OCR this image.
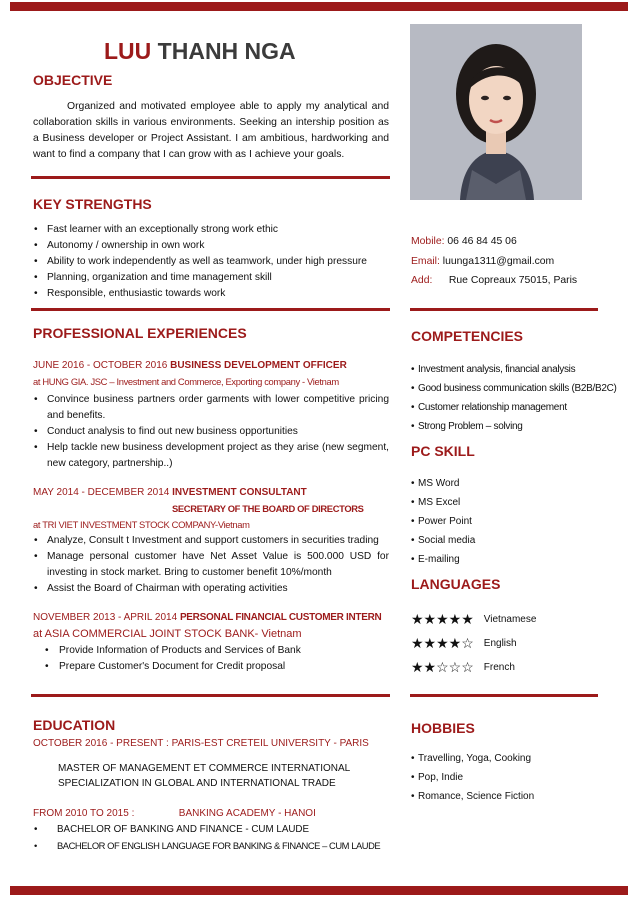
LUU THANH NGA
OBJECTIVE
Organized and motivated employee able to apply my analytical and collaboration skills in various environments. Seeking an intership position as a Business developer or Project Assistant. I am ambitious, hardworking and want to find a company that I can grow with as I achieve your goals.
KEY STRENGTHS
• Fast learner with an exceptionally strong work ethic
• Autonomy / ownership in own work
• Ability to work independently as well as teamwork, under high pressure
• Planning, organization and time management skill
• Responsible, enthusiastic towards work
Mobile: 06 46 84 45 06
Email: luunga1311@gmail.com
Add: Rue Copreaux 75015, Paris
PROFESSIONAL EXPERIENCES
JUNE 2016 - OCTOBER 2016 BUSINESS DEVELOPMENT OFFICER
at HUNG GIA. JSC – Investment and Commerce, Exporting company - Vietnam
• Convince business partners order garments with lower competitive pricing and benefits.
• Conduct analysis to find out new business opportunities
• Help tackle new business development project as they arise (new segment, new category, partnership..)
MAY 2014 - DECEMBER 2014 INVESTMENT CONSULTANT
SECRETARY OF THE BOARD OF DIRECTORS
at TRI VIET INVESTMENT STOCK COMPANY-Vietnam
• Analyze, Consult t Investment and support customers in securities trading
• Manage personal customer have Net Asset Value is 500.000 USD for investing in stock market. Bring to customer benefit 10%/month
• Assist the Board of Chairman with operating activities
NOVEMBER 2013 - APRIL 2014 PERSONAL FINANCIAL CUSTOMER INTERN
at ASIA COMMERCIAL JOINT STOCK BANK- Vietnam
• Provide Information of Products and Services of Bank
• Prepare Customer's Document for Credit proposal
COMPETENCIES
• Investment analysis, financial analysis
• Good business communication skills (B2B/B2C)
• Customer relationship management
• Strong Problem – solving
PC SKILL
• MS Word
• MS Excel
• Power Point
• Social media
• E-mailing
LANGUAGES
★★★★★ Vietnamese
★★★★☆ English
★★☆☆☆ French
EDUCATION
OCTOBER 2016 - PRESENT : PARIS-EST CRETEIL UNIVERSITY - PARIS
MASTER OF MANAGEMENT ET COMMERCE INTERNATIONAL
SPECIALIZATION IN GLOBAL AND INTERNATIONAL TRADE
FROM 2010 TO 2015 :	BANKING ACADEMY - HANOI
• BACHELOR OF BANKING AND FINANCE - CUM LAUDE
• BACHELOR OF ENGLISH LANGUAGE FOR BANKING & FINANCE – CUM LAUDE
HOBBIES
• Travelling, Yoga, Cooking
• Pop, Indie
• Romance, Science Fiction
